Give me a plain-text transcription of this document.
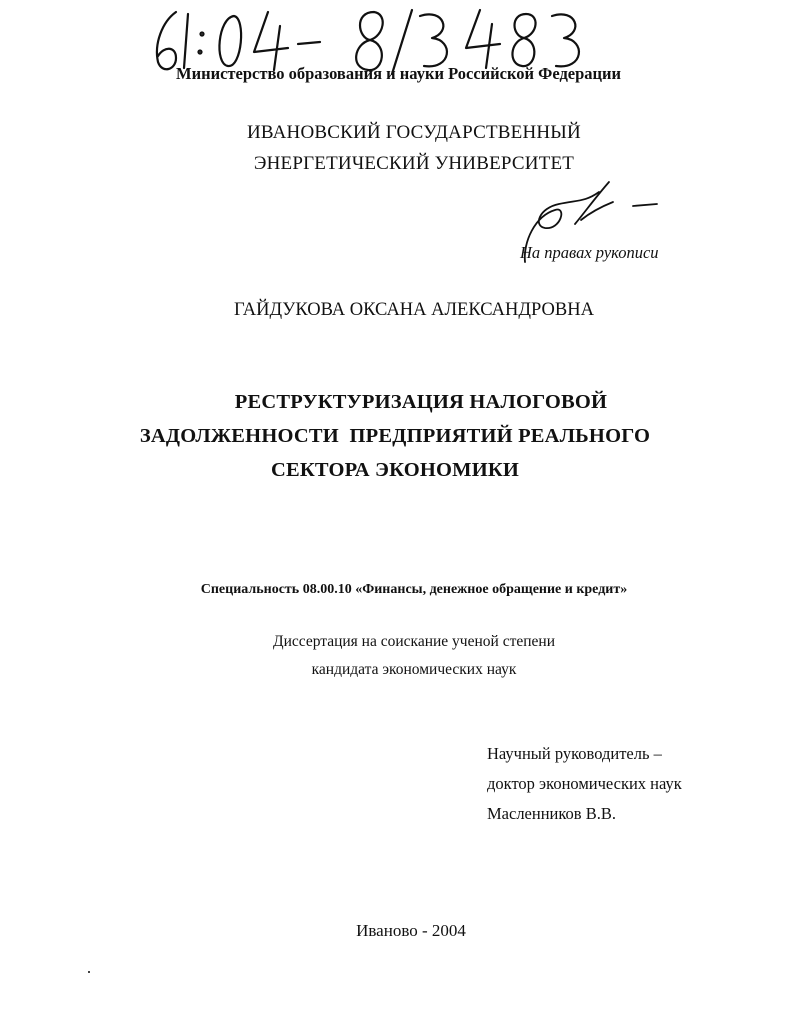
Министерство образования и науки Российской Федерации
ИВАНОВСКИЙ ГОСУДАРСТВЕННЫЙ
ЭНЕРГЕТИЧЕСКИЙ УНИВЕРСИТЕТ
На правах рукописи
ГАЙДУКОВА ОКСАНА АЛЕКСАНДРОВНА
РЕСТРУКТУРИЗАЦИЯ НАЛОГОВОЙ
ЗАДОЛЖЕННОСТИ  ПРЕДПРИЯТИЙ РЕАЛЬНОГО
СЕКТОРА ЭКОНОМИКИ
Специальность 08.00.10 «Финансы, денежное обращение и кредит»
Диссертация на соискание ученой степени
кандидата экономических наук
Научный руководитель –
доктор экономических наук
Масленников В.В.
Иваново - 2004
